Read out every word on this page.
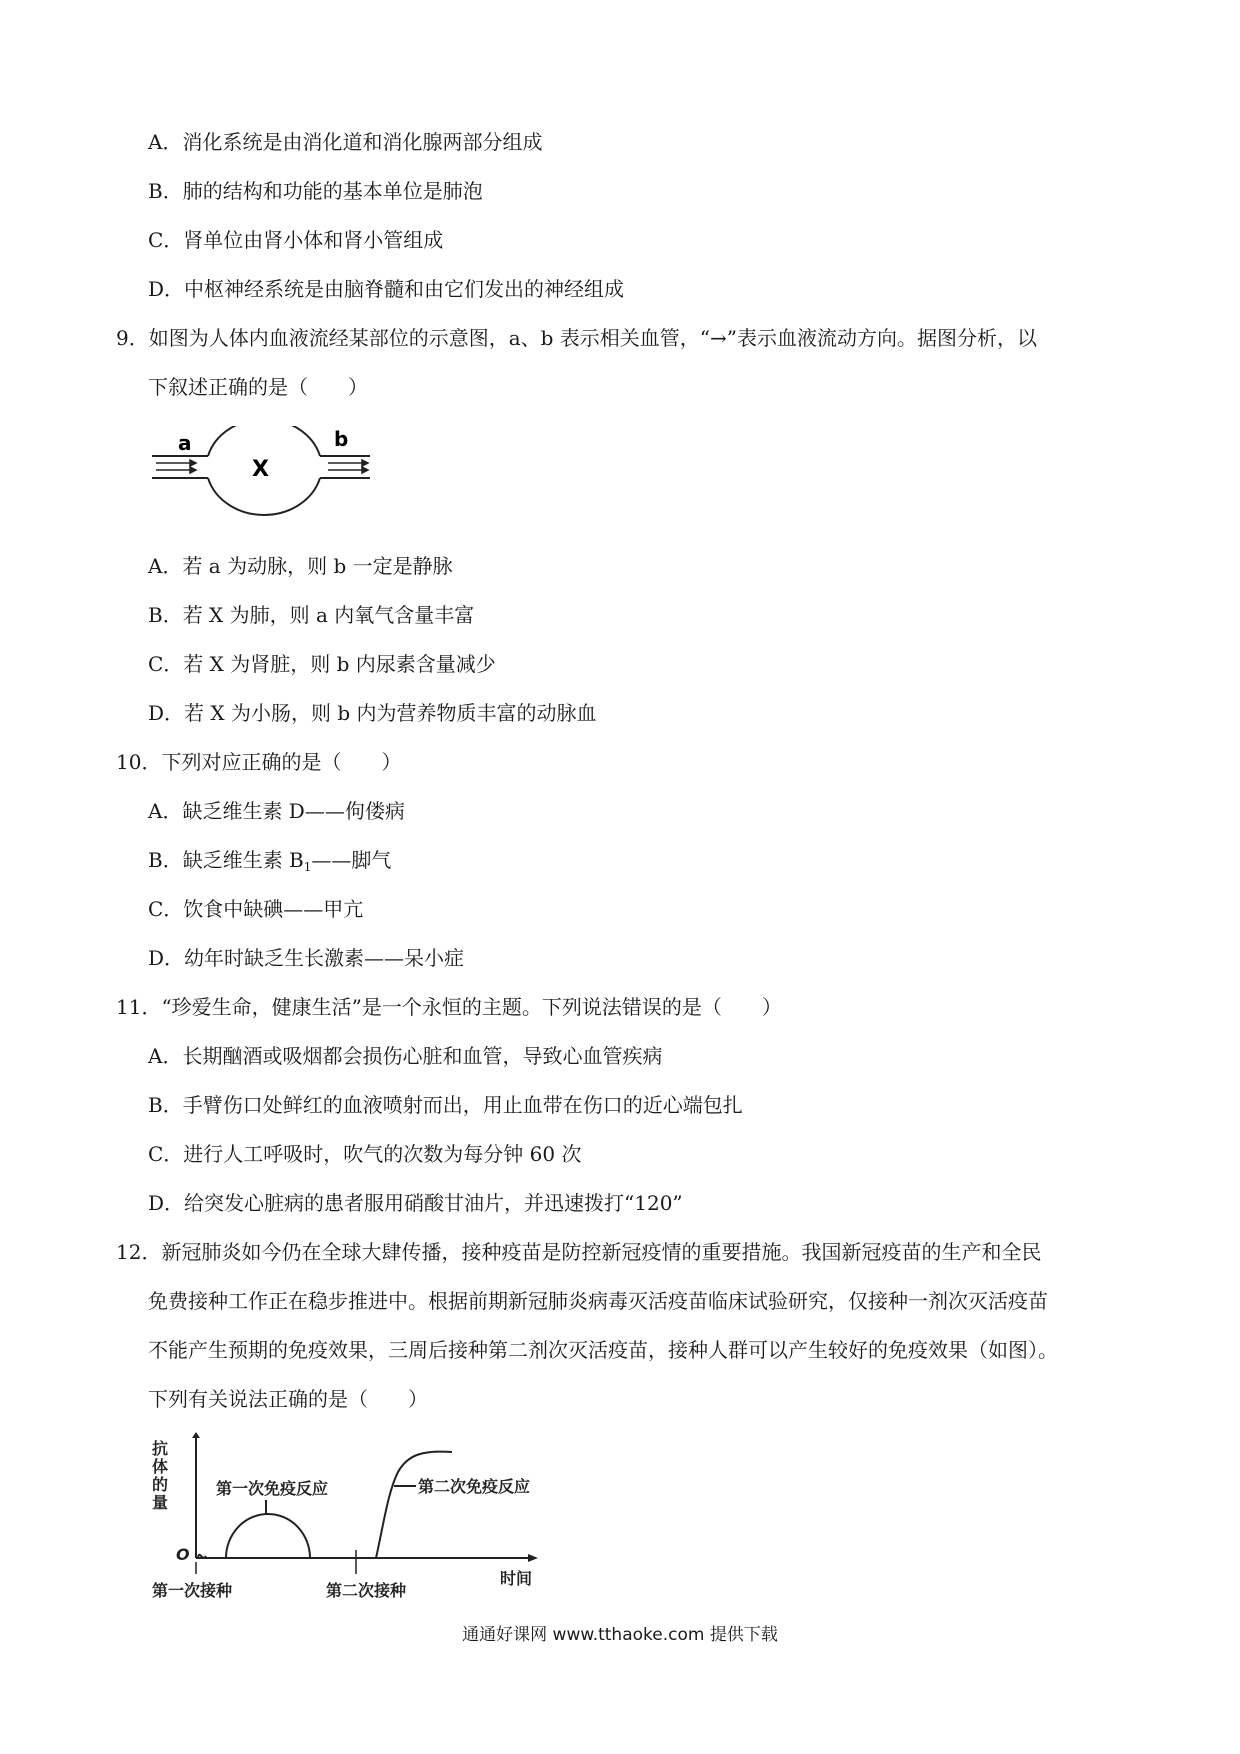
A．消化系统是由消化道和消化腺两部分组成
B．肺的结构和功能的基本单位是肺泡
C．肾单位由肾小体和肾小管组成
D．中枢神经系统是由脑脊髓和由它们发出的神经组成
9．如图为人体内血液流经某部位的示意图，a、b 表示相关血管，“→”表示血液流动方向。据图分析，以
下叙述正确的是（　　）
a
X
b
A．若 a 为动脉，则 b 一定是静脉
B．若 X 为肺，则 a 内氧气含量丰富
C．若 X 为肾脏，则 b 内尿素含量减少
D．若 X 为小肠，则 b 内为营养物质丰富的动脉血
10．下列对应正确的是（　　）
A．缺乏维生素 D——佝偻病
B．缺乏维生素 $B_1——$脚气
C．饮食中缺碘——甲亢
D．幼年时缺乏生长激素——呆小症
11．“珍爱生命，健康生活”是一个永恒的主题。下列说法错误的是（　　）
A．长期酗酒或吸烟都会损伤心脏和血管，导致心血管疾病
B．手臂伤口处鲜红的血液喷射而出，用止血带在伤口的近心端包扎
C．进行人工呼吸时，吹气的次数为每分钟 60 次
D．给突发心脏病的患者服用硝酸甘油片，并迅速拨打“120”
12．新冠肺炎如今仍在全球大肆传播，接种疫苗是防控新冠疫情的重要措施。我国新冠疫苗的生产和全民
免费接种工作正在稳步推进中。根据前期新冠肺炎病毒灭活疫苗临床试验研究，仅接种一剂次灭活疫苗
不能产生预期的免疫效果，三周后接种第二剂次灭活疫苗，接种人群可以产生较好的免疫效果（如图）。
下列有关说法正确的是（　　）
抗
体
的
量
O
时间
第一次免疫反应	第二次免疫反应
第一次接种	第二次接种
通通好课网 www.tthaoke.com 提供下载
